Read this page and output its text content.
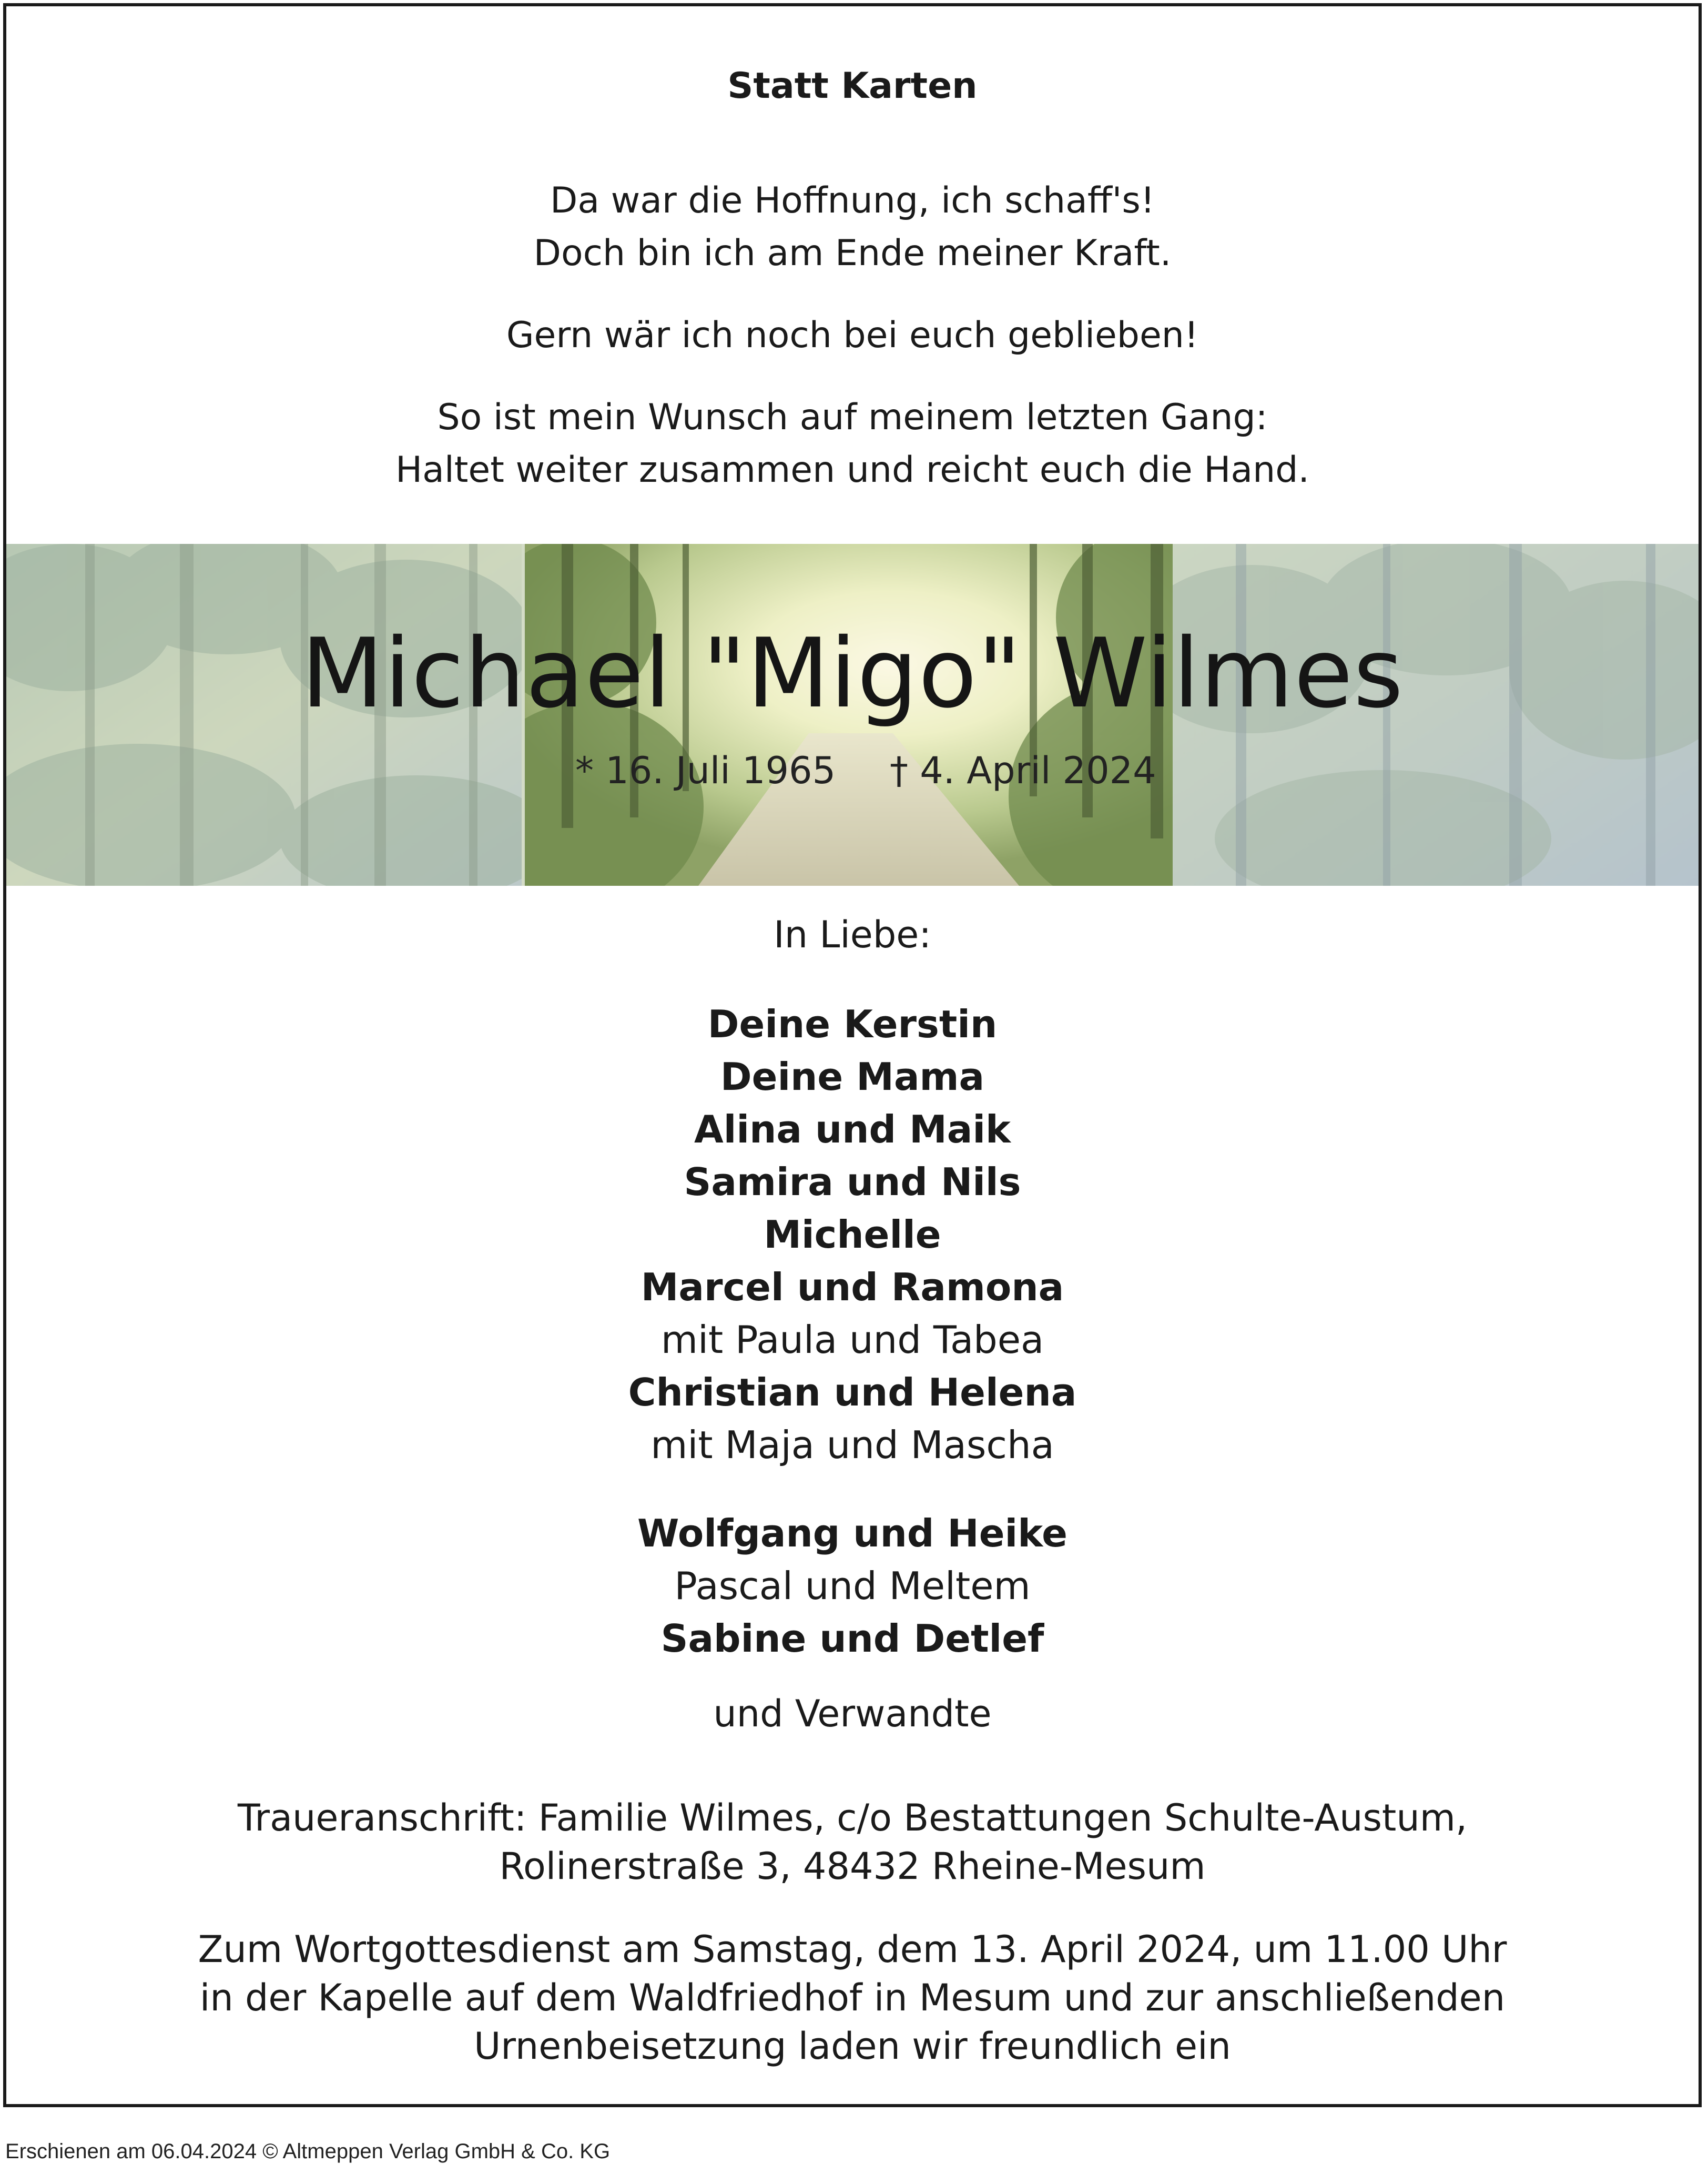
Statt Karten
Da war die Hoffnung, ich schaff's!
Doch bin ich am Ende meiner Kraft.
Gern wär ich noch bei euch geblieben!
So ist mein Wunsch auf meinem letzten Gang:
Haltet weiter zusammen und reicht euch die Hand.
Michael "Migo" Wilmes
* 16. Juli 1965 † 4. April 2024
In Liebe:
Deine Kerstin
Deine Mama
Alina und Maik
Samira und Nils
Michelle
Marcel und Ramona
mit Paula und Tabea
Christian und Helena
mit Maja und Mascha
Wolfgang und Heike
Pascal und Meltem
Sabine und Detlef
und Verwandte
Traueranschrift: Familie Wilmes, c/o Bestattungen Schulte-Austum,
Rolinerstraße 3, 48432 Rheine-Mesum
Zum Wortgottesdienst am Samstag, dem 13. April 2024, um 11.00 Uhr
in der Kapelle auf dem Waldfriedhof in Mesum und zur anschließenden
Urnenbeisetzung laden wir freundlich ein
Erschienen am 06.04.2024 © Altmeppen Verlag GmbH & Co. KG
